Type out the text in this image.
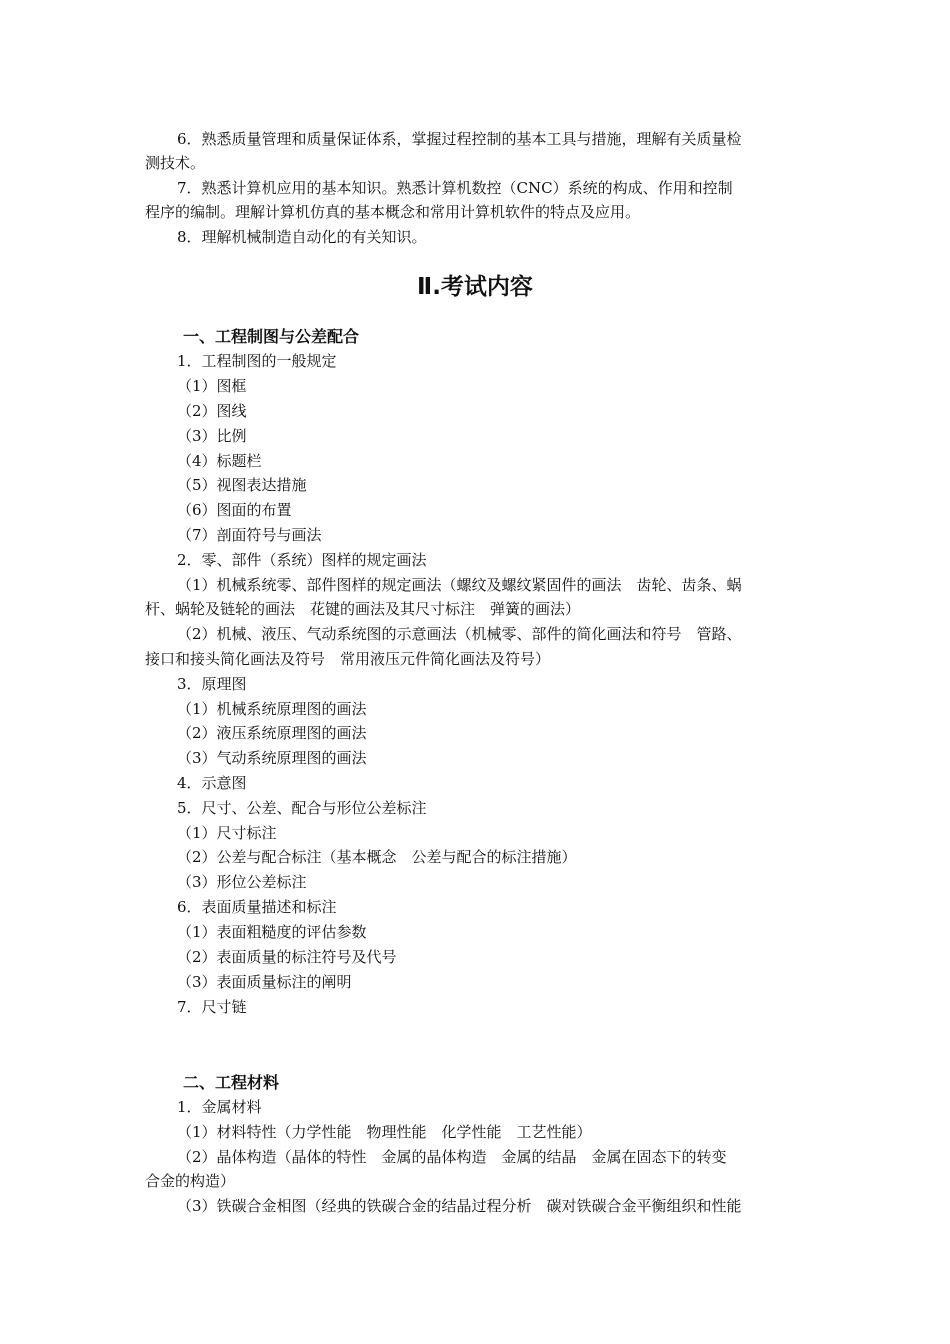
6．熟悉质量管理和质量保证体系，掌握过程控制的基本工具与措施，理解有关质量检

测技术。

7．熟悉计算机应用的基本知识。熟悉计算机数控（CNC）系统的构成、作用和控制

程序的编制。理解计算机仿真的基本概念和常用计算机软件的特点及应用。

8．理解机械制造自动化的有关知识。

Ⅱ.考试内容
一、工程制图与公差配合

1．工程制图的一般规定

（1）图框

（2）图线

（3）比例

（4）标题栏

（5）视图表达措施

（6）图面的布置

（7）剖面符号与画法

2．零、部件（系统）图样的规定画法

（1）机械系统零、部件图样的规定画法（螺纹及螺纹紧固件的画法　齿轮、齿条、蜗

杆、蜗轮及链轮的画法　花键的画法及其尺寸标注　弹簧的画法）

（2）机械、液压、气动系统图的示意画法（机械零、部件的简化画法和符号　管路、

接口和接头简化画法及符号　常用液压元件简化画法及符号）

3．原理图

（1）机械系统原理图的画法

（2）液压系统原理图的画法

（3）气动系统原理图的画法

4．示意图

5．尺寸、公差、配合与形位公差标注

（1）尺寸标注

（2）公差与配合标注（基本概念　公差与配合的标注措施）

（3）形位公差标注

6．表面质量描述和标注

（1）表面粗糙度的评估参数

（2）表面质量的标注符号及代号

（3）表面质量标注的阐明

7．尺寸链

二、工程材料

1．金属材料

（1）材料特性（力学性能　物理性能　化学性能　工艺性能）

（2）晶体构造（晶体的特性　金属的晶体构造　金属的结晶　金属在固态下的转变

合金的构造）

（3）铁碳合金相图（经典的铁碳合金的结晶过程分析　碳对铁碳合金平衡组织和性能
